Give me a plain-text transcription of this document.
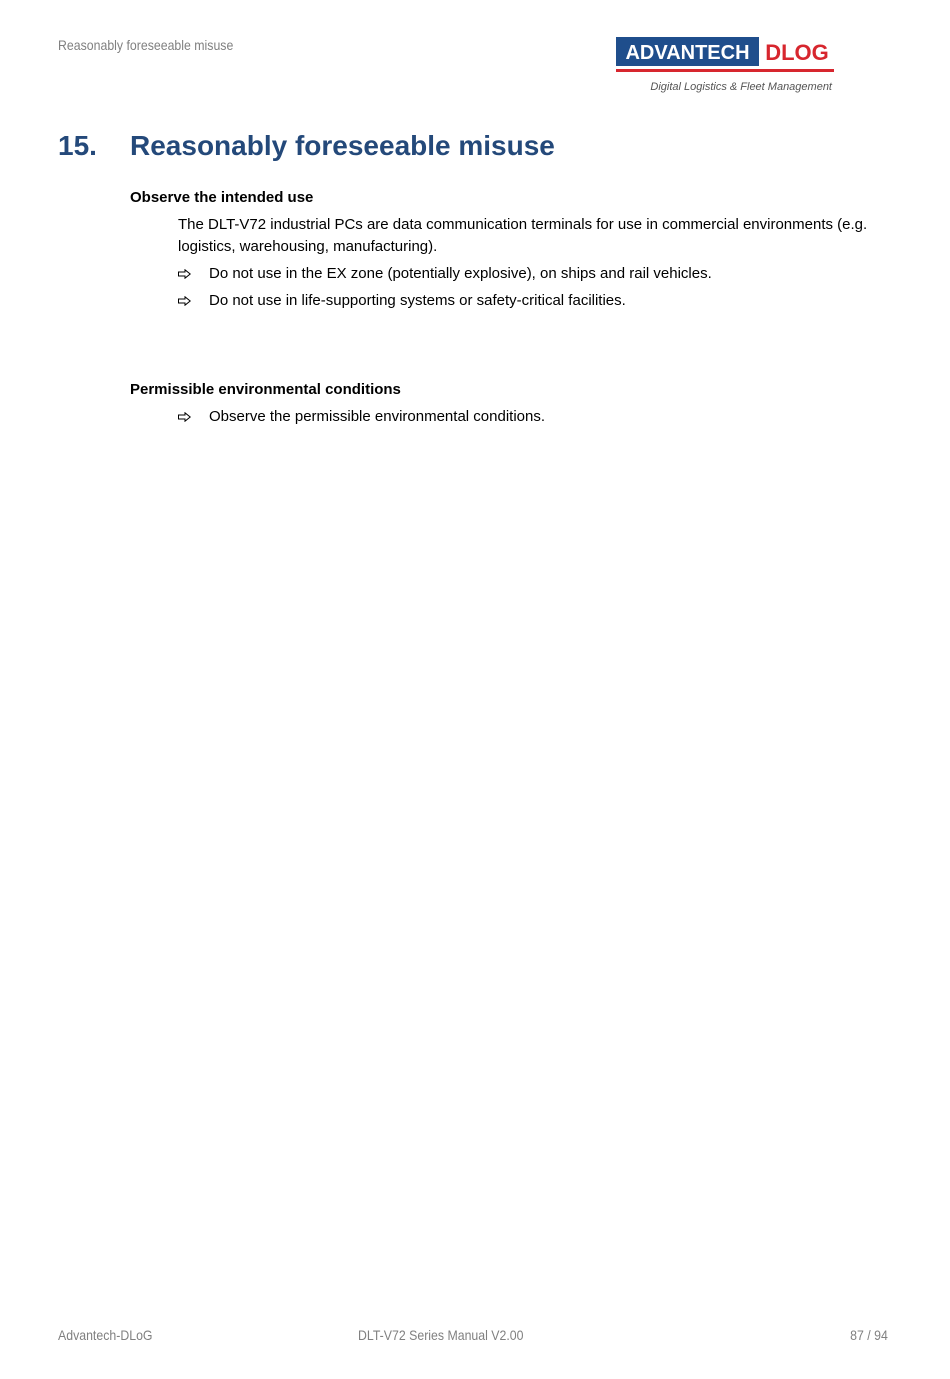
Reasonably foreseeable misuse	ADVANTECH DLOG
Digital Logistics & Fleet Management
15. Reasonably foreseeable misuse
Observe the intended use

The DLT-V72 industrial PCs are data communication terminals for use in commercial environments (e.g. logistics, warehousing, manufacturing).

Do not use in the EX zone (potentially explosive), on ships and rail vehicles.
Do not use in life-supporting systems or safety-critical facilities.
Permissible environmental conditions
Observe the permissible environmental conditions.
Advantech-DLoG	DLT-V72 Series Manual V2.00	87 / 94
